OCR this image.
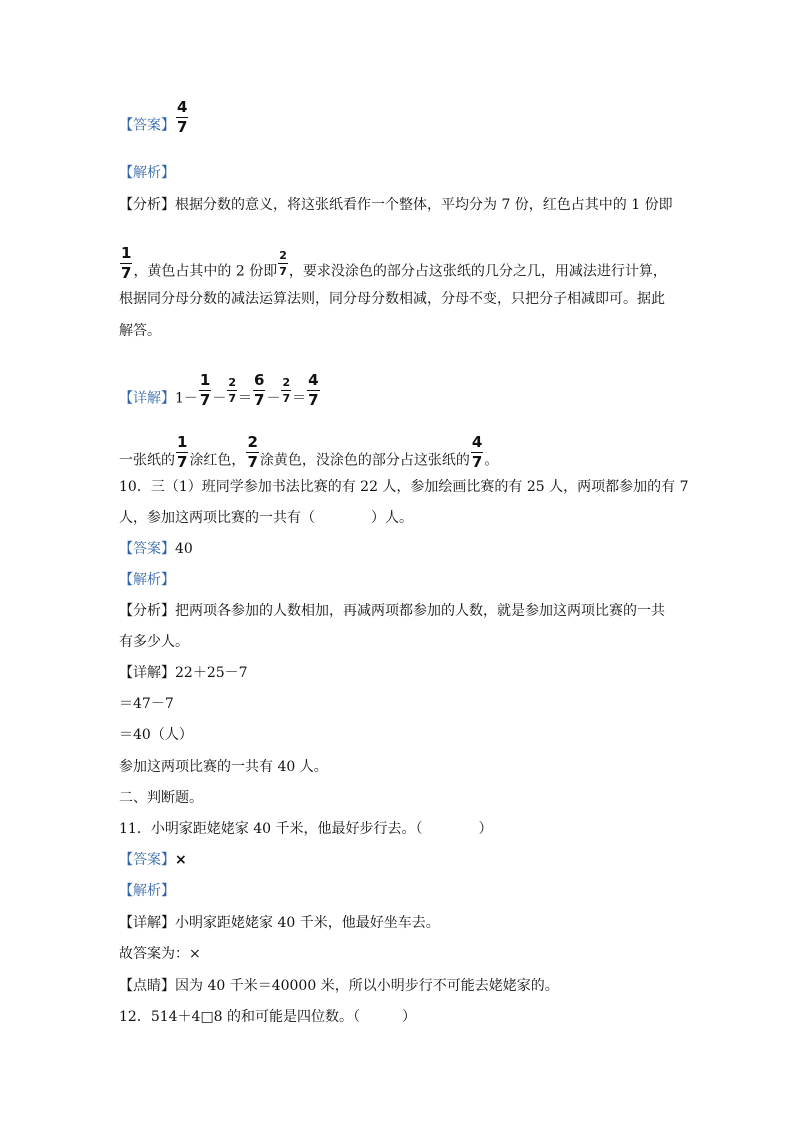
【答案】 $\frac{4}{7}$
【解析】
【分析】根据分数的意义，将这张纸看作一个整体，平均分为 7 份，红色占其中的 1 份即
$\frac{1}{7}$ ，黄色占其中的 2 份即 $\frac{2}{7}$ ，要求没涂色的部分占这张纸的几分之几，用减法进行计算，
根据同分母分数的减法运算法则，同分母分数相减，分母不变，只把分子相减即可。据此
解答。
【详解】$1- \frac{1}{7} - \frac{2}{7} = \frac{6}{7} - \frac{2}{7} = \frac{4}{7}$
一张纸的 $\frac{1}{7}$ 涂红色， $\frac{2}{7}$ 涂黄色，没涂色的部分占这张纸的 $\frac{4}{7}$ 。
10．三（1）班同学参加书法比赛的有 22 人，参加绘画比赛的有 25 人，两项都参加的有 7
人，参加这两项比赛的一共有（　　　　）人。
【答案】40
【解析】
【分析】把两项各参加的人数相加，再减两项都参加的人数，就是参加这两项比赛的一共
有多少人。
【详解】22＋25－7
＝47－7
＝40（人）
参加这两项比赛的一共有 40 人。
二、判断题。
11．小明家距姥姥家 40 千米，他最好步行去。（　　　　）
【答案】×
【解析】
【详解】小明家距姥姥家 40 千米，他最好坐车去。
故答案为：×
【点睛】因为 40 千米＝40000 米，所以小明步行不可能去姥姥家的。
12．514＋4□8 的和可能是四位数。（　　　）
